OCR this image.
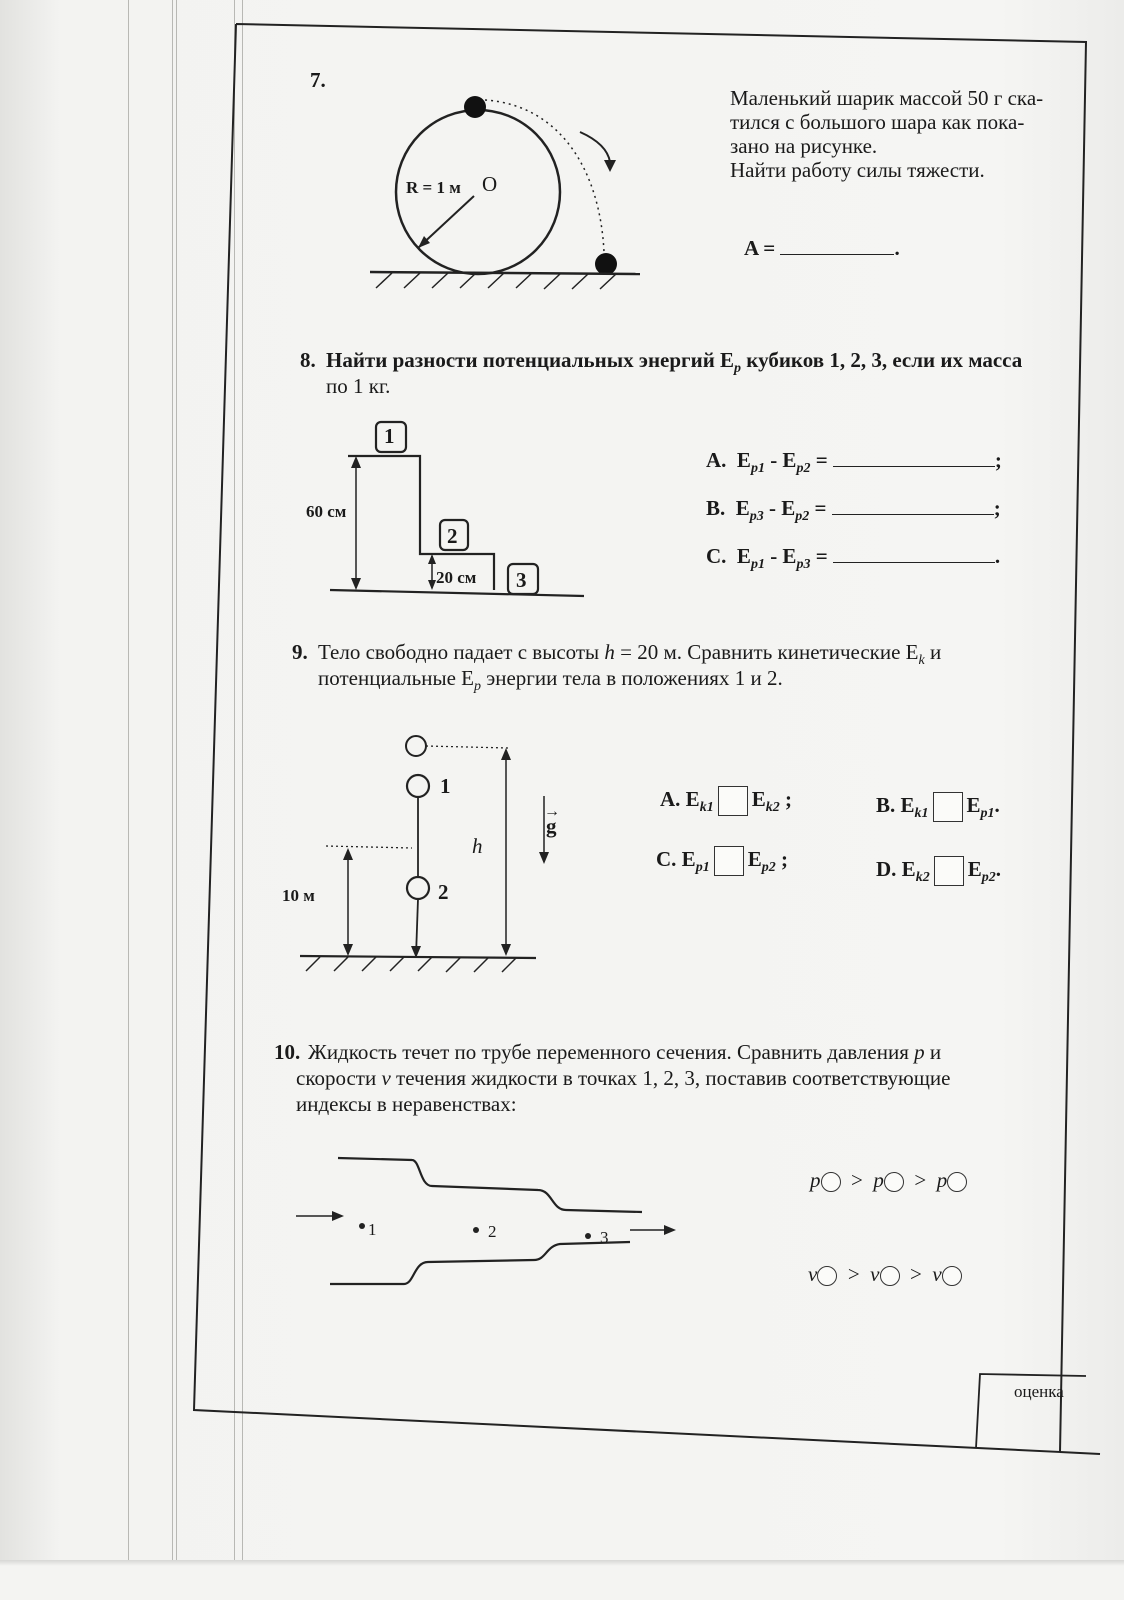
7.
Маленький шарик массой 50 г ска-
тился с большого шара как пока-
зано на рисунке.
Найти работу силы тяжести.
A =	.
R = 1 м O
8. Найти разности потенциальных энергий $E_p$ кубиков 1, 2, 3, если их масса
по 1 кг.
60 см
20 см
1
2
3
A. $E_{p1} - E_{p2}$ =	;
B. $E_{p3} - E_{p2}$ =	;
C. $E_{p1} - E_{p3}$ =	.
9. Тело свободно падает с высоты h = 20 м. Сравнить кинетические $E_k$ и
потенциальные $E_p$ энергии тела в положениях 1 и 2.
1
2
10 м
h
g
→
A. $E_{k1}$ $E_{k2}$ ;	B. $E_{k1}$ $E_{p1}$.
C. $E_{p1}$ $E_{p2}$ ;	D. $E_{k2}$ $E_{p2}$.
10. Жидкость течет по трубе переменного сечения. Сравнить давления p и
скорости v течения жидкости в точках 1, 2, 3, поставив соответствующие
индексы в неравенствах:
1	2	3
p > p > p
v > v > v
оценка
